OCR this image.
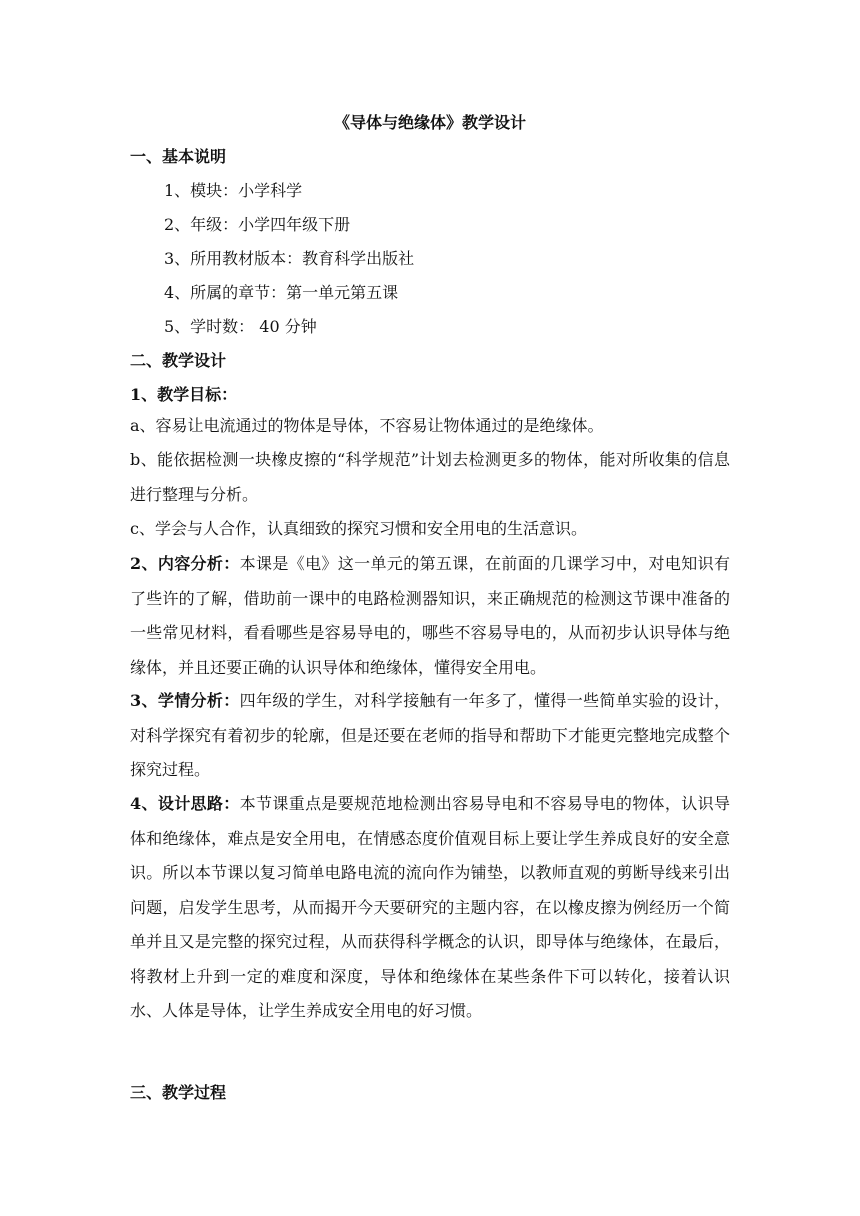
《导体与绝缘体》教学设计
一、基本说明
1、模块：小学科学
2、年级：小学四年级下册
3、所用教材版本：教育科学出版社
4、所属的章节：第一单元第五课
5、学时数： 40 分钟
二、教学设计
1、教学目标：

a、容易让电流通过的物体是导体，不容易让物体通过的是绝缘体。

b、能依据检测一块橡皮擦的“科学规范”计划去检测更多的物体，能对所收集的信息进行整理与分析。

c、学会与人合作，认真细致的探究习惯和安全用电的生活意识。

2、内容分析：本课是《电》这一单元的第五课，在前面的几课学习中，对电知识有了些许的了解，借助前一课中的电路检测器知识，来正确规范的检测这节课中准备的一些常见材料，看看哪些是容易导电的，哪些不容易导电的，从而初步认识导体与绝缘体，并且还要正确的认识导体和绝缘体，懂得安全用电。

3、学情分析：四年级的学生，对科学接触有一年多了，懂得一些简单实验的设计，对科学探究有着初步的轮廓，但是还要在老师的指导和帮助下才能更完整地完成整个探究过程。

4、设计思路：本节课重点是要规范地检测出容易导电和不容易导电的物体，认识导体和绝缘体，难点是安全用电，在情感态度价值观目标上要让学生养成良好的安全意识。所以本节课以复习简单电路电流的流向作为铺垫，以教师直观的剪断导线来引出问题，启发学生思考，从而揭开今天要研究的主题内容，在以橡皮擦为例经历一个简单并且又是完整的探究过程，从而获得科学概念的认识，即导体与绝缘体，在最后，将教材上升到一定的难度和深度，导体和绝缘体在某些条件下可以转化，接着认识水、人体是导体，让学生养成安全用电的好习惯。

三、教学过程
